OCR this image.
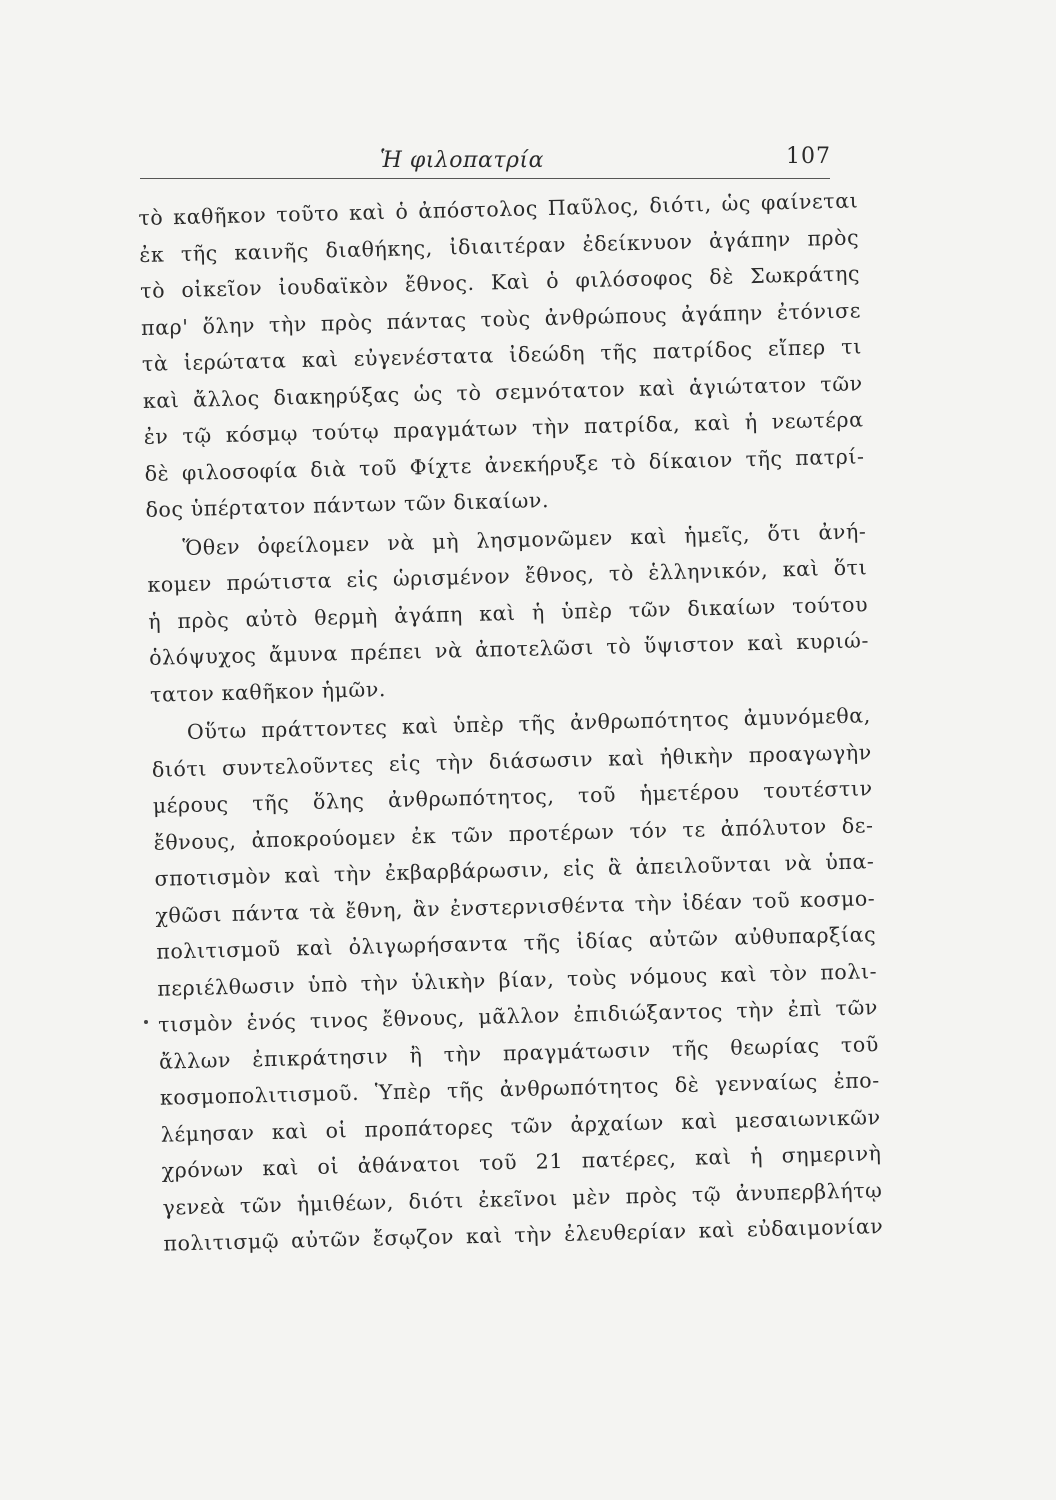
Ἡ φιλοπατρία	107
τὸ καθῆκον τοῦτο καὶ ὁ ἀπόστολος Παῦλος, διότι, ὡς φαίνεται
ἐκ τῆς καινῆς διαθήκης, ἰδιαιτέραν ἐδείκνυον ἀγάπην πρὸς
τὸ οἰκεῖον ἰουδαϊκὸν ἔθνος. Καὶ ὁ φιλόσοφος δὲ Σωκράτης
παρ' ὅλην τὴν πρὸς πάντας τοὺς ἀνθρώπους ἀγάπην ἐτόνισε
τὰ ἱερώτατα καὶ εὐγενέστατα ἰδεώδη τῆς πατρίδος εἴπερ τι
καὶ ἄλλος διακηρύξας ὡς τὸ σεμνότατον καὶ ἁγιώτατον τῶν
ἐν τῷ κόσμῳ τούτῳ πραγμάτων τὴν πατρίδα, καὶ ἡ νεωτέρα
δὲ φιλοσοφία διὰ τοῦ Φίχτε ἀνεκήρυξε τὸ δίκαιον τῆς πατρί-
δος ὑπέρτατον πάντων τῶν δικαίων.
Ὅθεν ὀφείλομεν νὰ μὴ λησμονῶμεν καὶ ἡμεῖς, ὅτι ἀνή-
κομεν πρώτιστα εἰς ὡρισμένον ἔθνος, τὸ ἑλληνικόν, καὶ ὅτι
ἡ πρὸς αὐτὸ θερμὴ ἀγάπη καὶ ἡ ὑπὲρ τῶν δικαίων τούτου
ὁλόψυχος ἄμυνα πρέπει νὰ ἀποτελῶσι τὸ ὕψιστον καὶ κυριώ-
τατον καθῆκον ἡμῶν.
Οὕτω πράττοντες καὶ ὑπὲρ τῆς ἀνθρωπότητος ἀμυνόμεθα,
διότι συντελοῦντες εἰς τὴν διάσωσιν καὶ ἠθικὴν προαγωγὴν
μέρους τῆς ὅλης ἀνθρωπότητος, τοῦ ἡμετέρου τουτέστιν
ἔθνους, ἀποκρούομεν ἐκ τῶν προτέρων τόν τε ἀπόλυτον δε-
σποτισμὸν καὶ τὴν ἐκβαρβάρωσιν, εἰς ἃ ἀπειλοῦνται νὰ ὑπα-
χθῶσι πάντα τὰ ἔθνη, ἂν ἐνστερνισθέντα τὴν ἰδέαν τοῦ κοσμο-
πολιτισμοῦ καὶ ὀλιγωρήσαντα τῆς ἰδίας αὐτῶν αὐθυπαρξίας
περιέλθωσιν ὑπὸ τὴν ὑλικὴν βίαν, τοὺς νόμους καὶ τὸν πολι-
τισμὸν ἑνός τινος ἔθνους, μᾶλλον ἐπιδιώξαντος τὴν ἐπὶ τῶν
ἄλλων ἐπικράτησιν ἢ τὴν πραγμάτωσιν τῆς θεωρίας τοῦ
κοσμοπολιτισμοῦ. Ὑπὲρ τῆς ἀνθρωπότητος δὲ γενναίως ἐπο-
λέμησαν καὶ οἱ προπάτορες τῶν ἀρχαίων καὶ μεσαιωνικῶν
χρόνων καὶ οἱ ἀθάνατοι τοῦ 21 πατέρες, καὶ ἡ σημερινὴ
γενεὰ τῶν ἡμιθέων, διότι ἐκεῖνοι μὲν πρὸς τῷ ἀνυπερβλήτῳ
πολιτισμῷ αὐτῶν ἔσῳζον καὶ τὴν ἐλευθερίαν καὶ εὐδαιμονίαν
